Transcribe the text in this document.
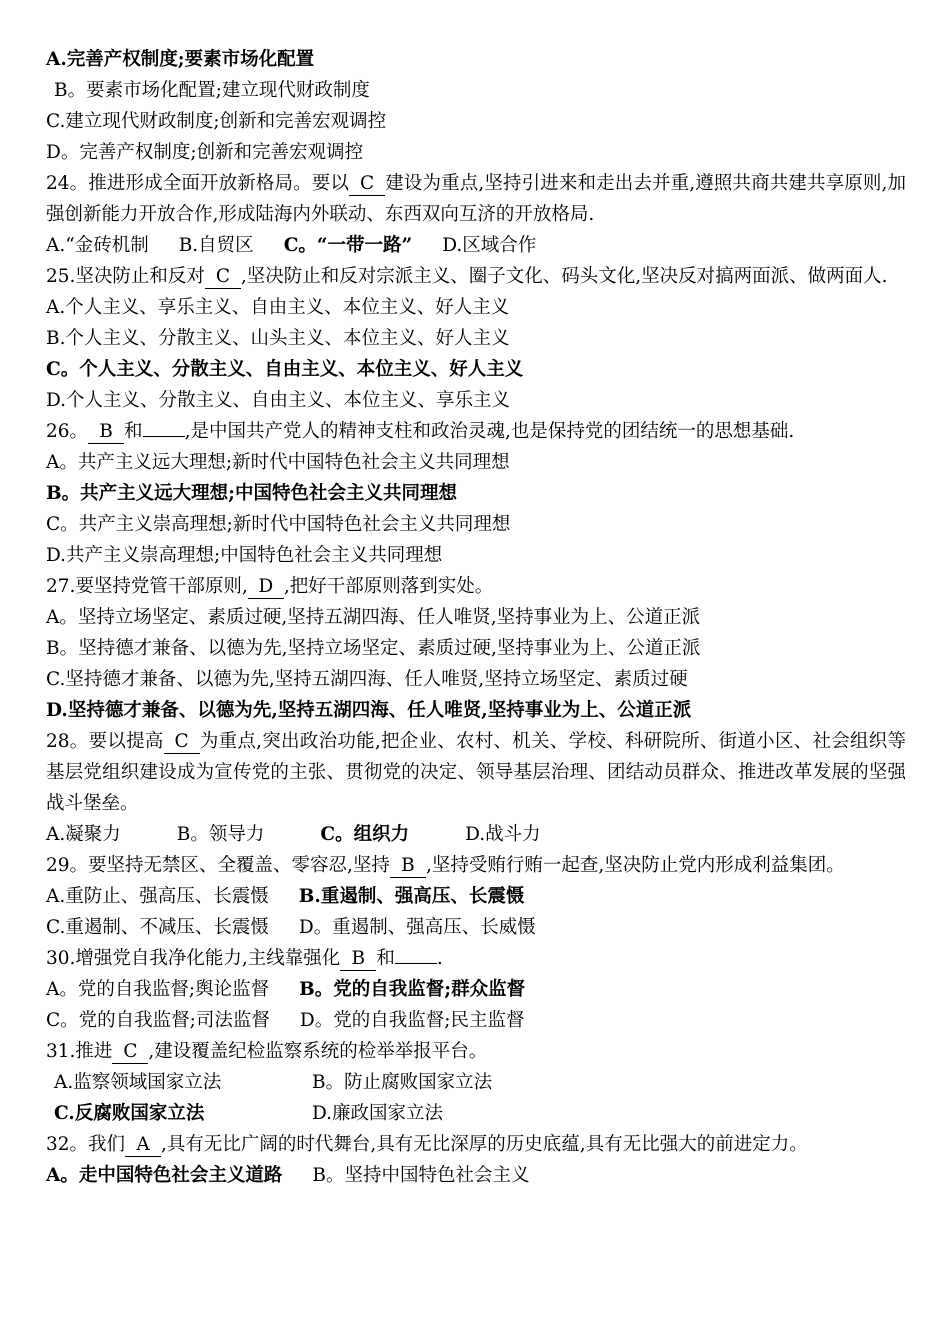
A.完善产权制度;要素市场化配置
B。要素市场化配置;建立现代财政制度
C.建立现代财政制度;创新和完善宏观调控
D。完善产权制度;创新和完善宏观调控
24。推进形成全面开放新格局。要以 C 建设为重点,坚持引进来和走出去并重,遵照共商共建共享原则,加强创新能力开放合作,形成陆海内外联动、东西双向互济的开放格局.
A.“金砖机制 B.自贸区 C。“一带一路” D.区域合作
25.坚决防止和反对 C ,坚决防止和反对宗派主义、圈子文化、码头文化,坚决反对搞两面派、做两面人.
A.个人主义、享乐主义、自由主义、本位主义、好人主义
B.个人主义、分散主义、山头主义、本位主义、好人主义
C。个人主义、分散主义、自由主义、本位主义、好人主义
D.个人主义、分散主义、自由主义、本位主义、享乐主义
26。 B 和 ,是中国共产党人的精神支柱和政治灵魂,也是保持党的团结统一的思想基础.
A。共产主义远大理想;新时代中国特色社会主义共同理想
B。共产主义远大理想;中国特色社会主义共同理想
C。共产主义崇高理想;新时代中国特色社会主义共同理想
D.共产主义崇高理想;中国特色社会主义共同理想
27.要坚持党管干部原则, D ,把好干部原则落到实处。
A。坚持立场坚定、素质过硬,坚持五湖四海、任人唯贤,坚持事业为上、公道正派
B。坚持德才兼备、以德为先,坚持立场坚定、素质过硬,坚持事业为上、公道正派
C.坚持德才兼备、以德为先,坚持五湖四海、任人唯贤,坚持立场坚定、素质过硬
D.坚持德才兼备、以德为先,坚持五湖四海、任人唯贤,坚持事业为上、公道正派
28。要以提高 C 为重点,突出政治功能,把企业、农村、机关、学校、科研院所、街道小区、社会组织等基层党组织建设成为宣传党的主张、贯彻党的决定、领导基层治理、团结动员群众、推进改革发展的坚强战斗堡垒。
A.凝聚力	B。领导力	C。组织力	D.战斗力
29。要坚持无禁区、全覆盖、零容忍,坚持 B ,坚持受贿行贿一起查,坚决防止党内形成利益集团。
A.重防止、强高压、长震慑 B.重遏制、强高压、长震慑
C.重遏制、不减压、长震慑 D。重遏制、强高压、长威慑
30.增强党自我净化能力,主线靠强化 B 和 .
A。党的自我监督;舆论监督 B。党的自我监督;群众监督
C。党的自我监督;司法监督 D。党的自我监督;民主监督
31.推进 C ,建设覆盖纪检监察系统的检举举报平台。
A.监察领域国家立法	B。防止腐败国家立法
C.反腐败国家立法	D.廉政国家立法
32。我们 A ,具有无比广阔的时代舞台,具有无比深厚的历史底蕴,具有无比强大的前进定力。
A。走中国特色社会主义道路 B。坚持中国特色社会主义
